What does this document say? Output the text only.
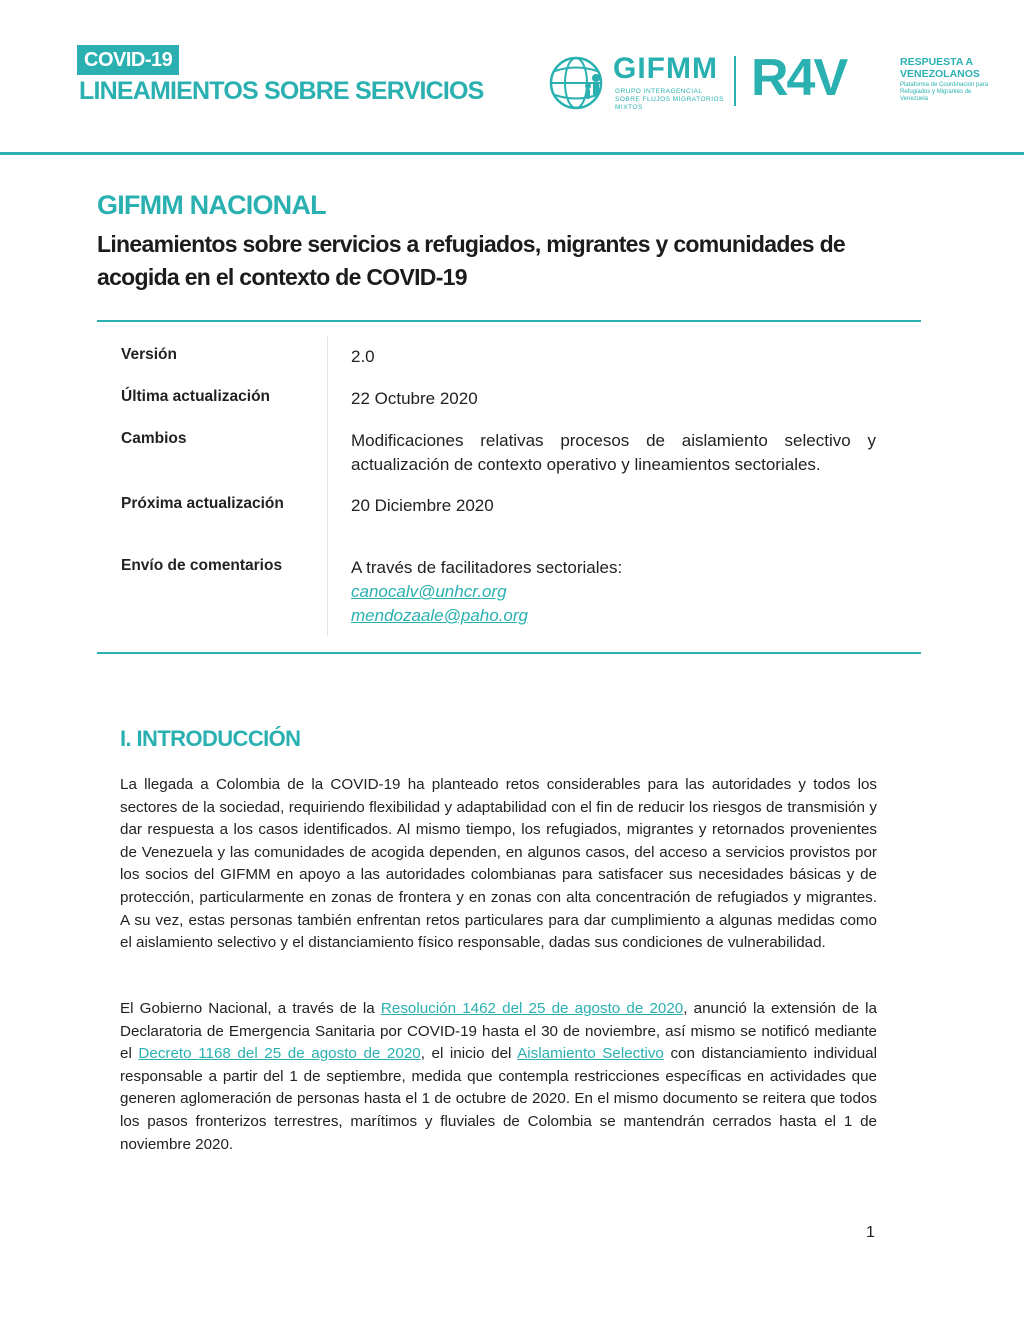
COVID-19
LINEAMIENTOS SOBRE SERVICIOS
GIFMM
GRUPO INTERAGENCIAL SOBRE FLUJOS MIGRATORIOS MIXTOS
R4V	RESPUESTA A VENEZOLANOS
Plataforma de Coordinación para Refugiados y Migrantes de Venezuela
GIFMM NACIONAL
Lineamientos sobre servicios a refugiados, migrantes y comunidades de acogida en el contexto de COVID-19
Versión	2.0
Última actualización	22 Octubre 2020
Cambios	Modificaciones relativas procesos de aislamiento selectivo y actualización de contexto operativo y lineamientos sectoriales.
Próxima actualización	20 Diciembre 2020
Envío de comentarios	A través de facilitadores sectoriales:
canocalv@unhcr.org
mendozaale@paho.org
I. INTRODUCCIÓN

La llegada a Colombia de la COVID-19 ha planteado retos considerables para las autoridades y todos los sectores de la sociedad, requiriendo flexibilidad y adaptabilidad con el fin de reducir los riesgos de transmisión y dar respuesta a los casos identificados. Al mismo tiempo, los refugiados, migrantes y retornados provenientes de Venezuela y las comunidades de acogida dependen, en algunos casos, del acceso a servicios provistos por los socios del GIFMM en apoyo a las autoridades colombianas para satisfacer sus necesidades básicas y de protección, particularmente en zonas de frontera y en zonas con alta concentración de refugiados y migrantes. A su vez, estas personas también enfrentan retos particulares para dar cumplimiento a algunas medidas como el aislamiento selectivo y el distanciamiento físico responsable, dadas sus condiciones de vulnerabilidad.

El Gobierno Nacional, a través de la Resolución 1462 del 25 de agosto de 2020, anunció la extensión de la Declaratoria de Emergencia Sanitaria por COVID-19 hasta el 30 de noviembre, así mismo se notificó mediante el Decreto 1168 del 25 de agosto de 2020, el inicio del Aislamiento Selectivo con distanciamiento individual responsable a partir del 1 de septiembre, medida que contempla restricciones específicas en actividades que generen aglomeración de personas hasta el 1 de octubre de 2020. En el mismo documento se reitera que todos los pasos fronterizos terrestres, marítimos y fluviales de Colombia se mantendrán cerrados hasta el 1 de noviembre 2020.

1
